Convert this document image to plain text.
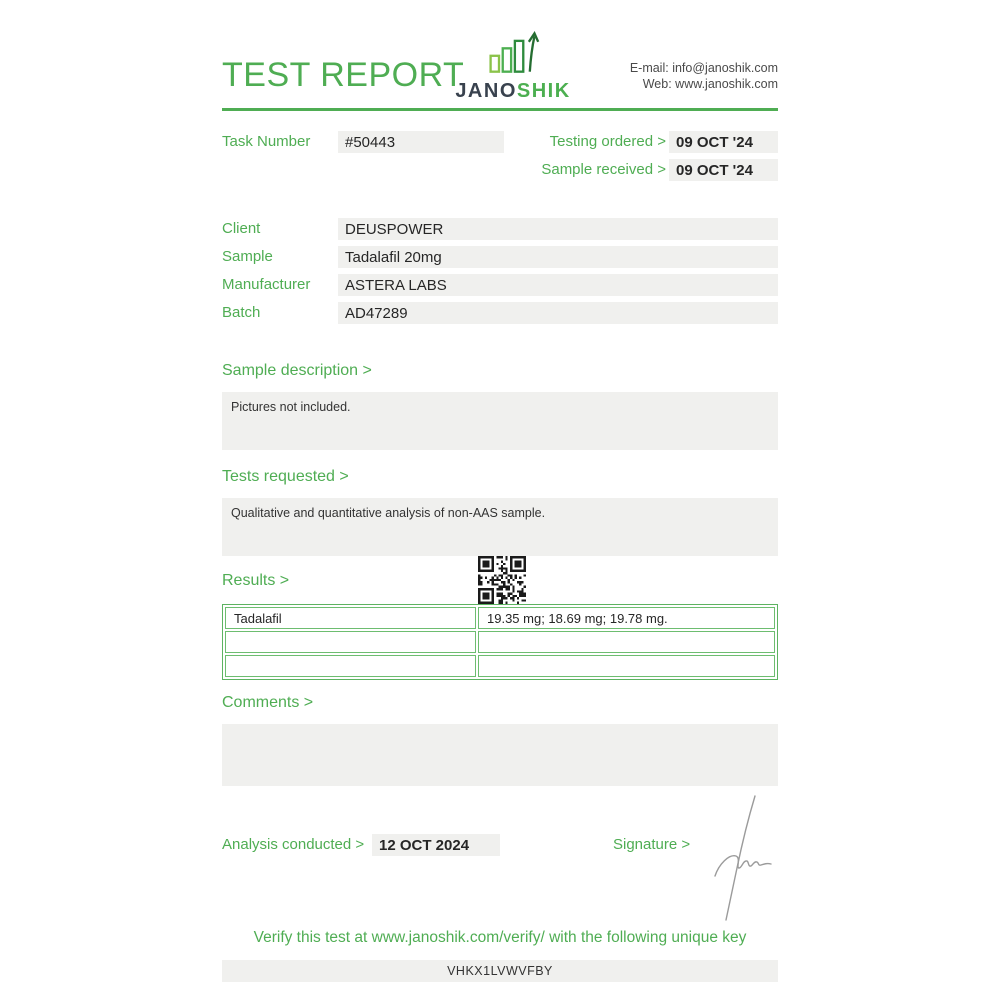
TEST REPORT
JANOSHIK
E-mail: info@janoshik.com
Web: www.janoshik.com
Task Number	#50443	Testing ordered > 09 OCT '24
Sample received > 09 OCT '24
Client	DEUSPOWER
Sample	Tadalafil 20mg
Manufacturer	ASTERA LABS
Batch	AD47289
Sample description >
Pictures not included.
Tests requested >
Qualitative and quantitative analysis of non-AAS sample.
Results >
Tadalafil	19.35 mg; 18.69 mg; 19.78 mg.
Comments >
Analysis conducted > 12 OCT 2024	Signature >
Verify this test at www.janoshik.com/verify/ with the following unique key
VHKX1LVWVFBY
